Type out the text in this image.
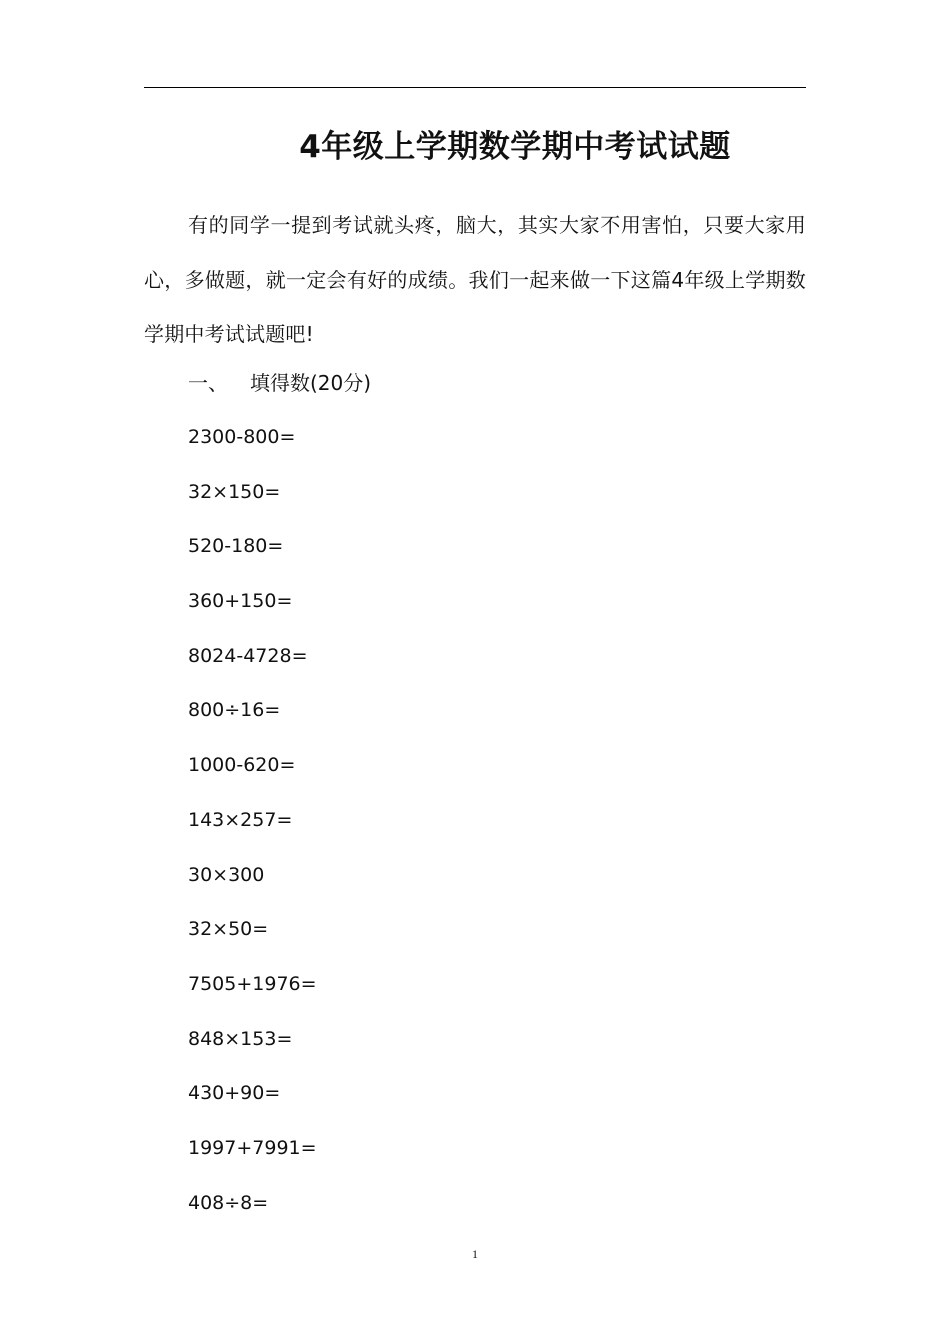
4年级上学期数学期中考试试题
有的同学一提到考试就头疼，脑大，其实大家不用害怕，只要大家用心，多做题，就一定会有好的成绩。我们一起来做一下这篇4年级上学期数学期中考试试题吧!
一、 填得数(20分)
2300-800=
32×150=
520-180=
360+150=
8024-4728=
800÷16=
1000-620=
143×257=
30×300
32×50=
7505+1976=
848×153=
430+90=
1997+7991=
408÷8=
1
